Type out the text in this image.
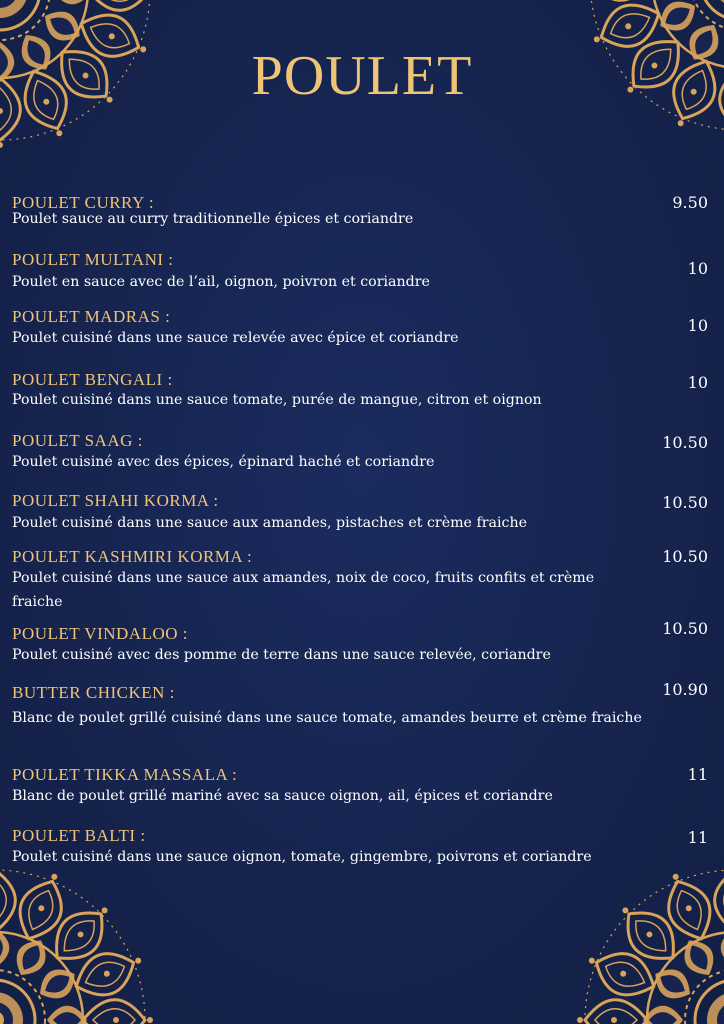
POULET
POULET CURRY :	9.50
Poulet sauce au curry traditionnelle épices et coriandre
POULET MULTANI :	10
Poulet en sauce avec de l’ail, oignon, poivron et coriandre
POULET MADRAS :	10
Poulet cuisiné dans une sauce relevée avec épice et coriandre
POULET BENGALI :	10
Poulet cuisiné dans une sauce tomate, purée de mangue, citron et oignon
POULET SAAG :	10.50
Poulet cuisiné avec des épices, épinard haché et coriandre
POULET SHAHI KORMA :	10.50
Poulet cuisiné dans une sauce aux amandes, pistaches et crème fraiche
POULET KASHMIRI KORMA :	10.50
Poulet cuisiné dans une sauce aux amandes, noix de coco, fruits confits et crème fraiche
POULET VINDALOO :	10.50
Poulet cuisiné avec des pomme de terre dans une sauce relevée, coriandre
BUTTER CHICKEN :	10.90
Blanc de poulet grillé cuisiné dans une sauce tomate, amandes beurre et crème fraiche
POULET TIKKA MASSALA :	11
Blanc de poulet grillé mariné avec sa sauce oignon, ail, épices et coriandre
POULET BALTI :	11
Poulet cuisiné dans une sauce oignon, tomate, gingembre, poivrons et coriandre
